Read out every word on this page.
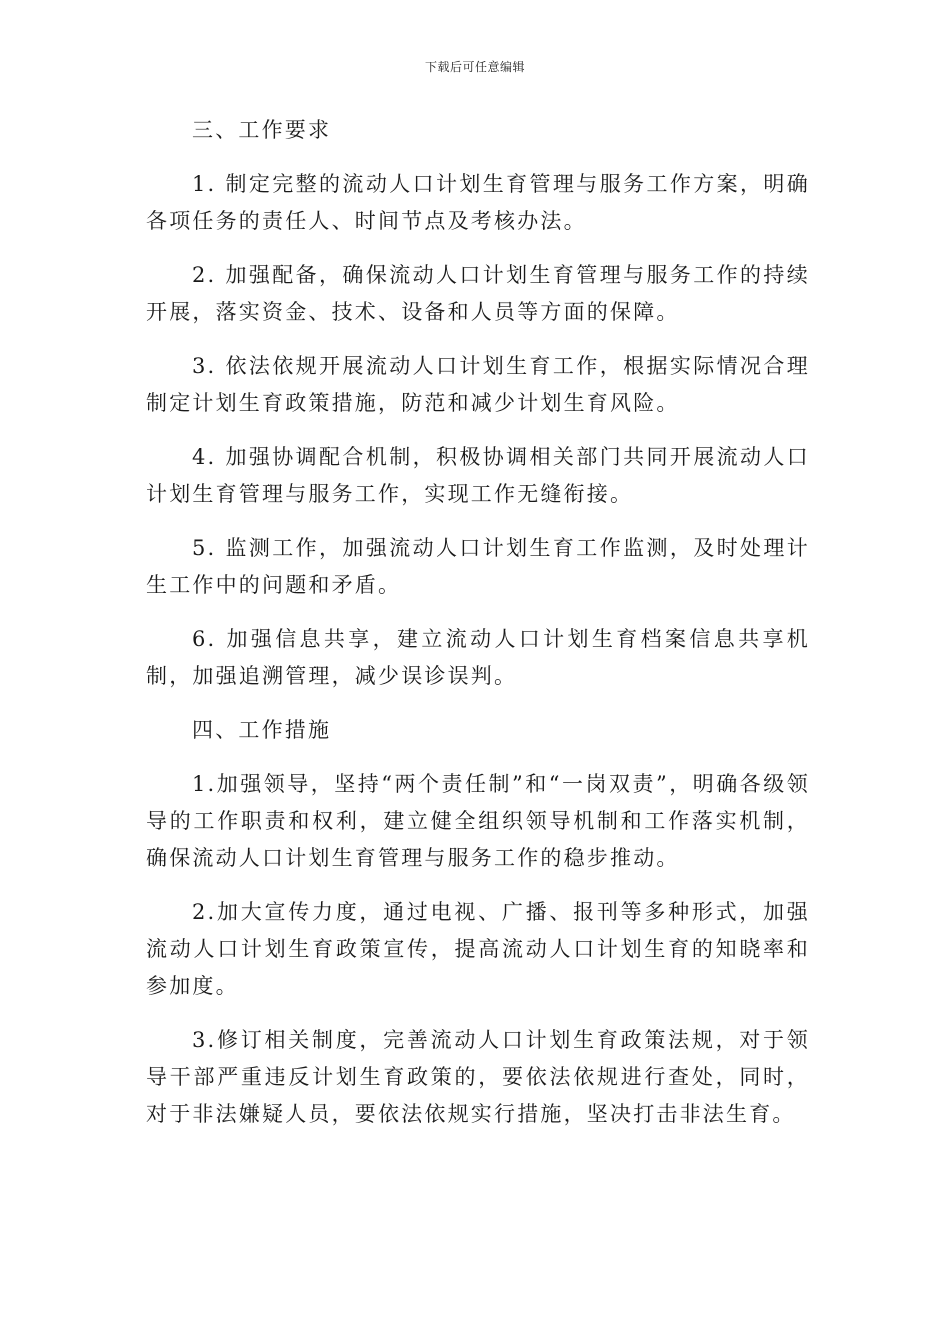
下载后可任意编辑

三、工作要求

1. 制定完整的流动人口计划生育管理与服务工作方案，明确各项任务的责任人、时间节点及考核办法。

2. 加强配备，确保流动人口计划生育管理与服务工作的持续开展，落实资金、技术、设备和人员等方面的保障。

3. 依法依规开展流动人口计划生育工作，根据实际情况合理制定计划生育政策措施，防范和减少计划生育风险。

4. 加强协调配合机制，积极协调相关部门共同开展流动人口计划生育管理与服务工作，实现工作无缝衔接。

5. 监测工作，加强流动人口计划生育工作监测，及时处理计生工作中的问题和矛盾。

6. 加强信息共享，建立流动人口计划生育档案信息共享机制，加强追溯管理，减少误诊误判。

四、工作措施

1.加强领导，坚持“两个责任制”和“一岗双责”，明确各级领导的工作职责和权利，建立健全组织领导机制和工作落实机制，确保流动人口计划生育管理与服务工作的稳步推动。

2.加大宣传力度，通过电视、广播、报刊等多种形式，加强流动人口计划生育政策宣传，提高流动人口计划生育的知晓率和参加度。

3.修订相关制度，完善流动人口计划生育政策法规，对于领导干部严重违反计划生育政策的，要依法依规进行查处，同时，对于非法嫌疑人员，要依法依规实行措施，坚决打击非法生育。
